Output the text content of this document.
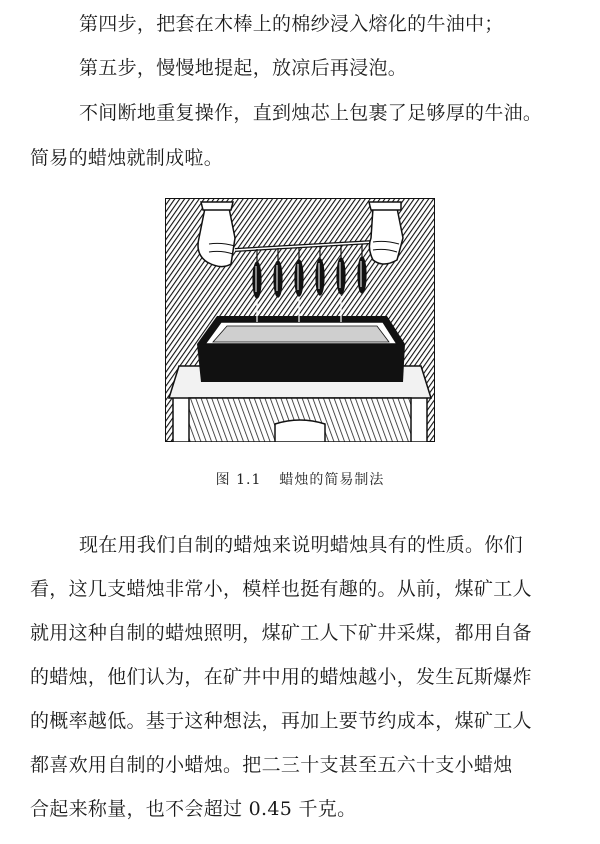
第四步，把套在木棒上的棉纱浸入熔化的牛油中；
第五步，慢慢地提起，放凉后再浸泡。
不间断地重复操作，直到烛芯上包裹了足够厚的牛油。
简易的蜡烛就制成啦。
图 1.1 蜡烛的简易制法
现在用我们自制的蜡烛来说明蜡烛具有的性质。你们
看，这几支蜡烛非常小，模样也挺有趣的。从前，煤矿工人
就用这种自制的蜡烛照明，煤矿工人下矿井采煤，都用自备
的蜡烛，他们认为，在矿井中用的蜡烛越小，发生瓦斯爆炸
的概率越低。基于这种想法，再加上要节约成本，煤矿工人
都喜欢用自制的小蜡烛。把二三十支甚至五六十支小蜡烛
合起来称量，也不会超过 0.45 千克。
